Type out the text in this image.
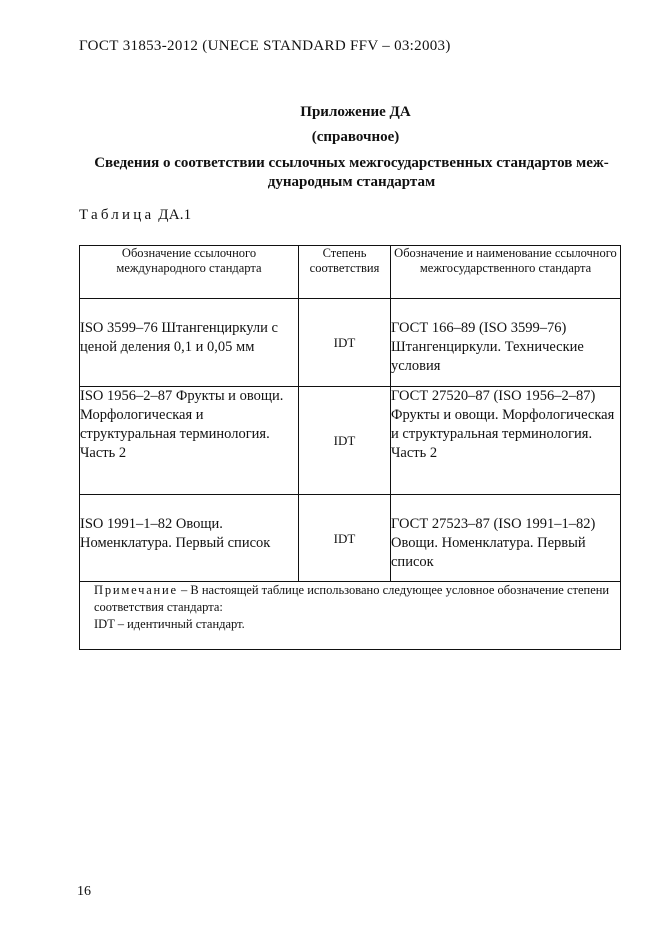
ГОСТ 31853-2012 (UNECE STANDARD FFV – 03:2003)
Приложение ДА
(справочное)
Сведения о соответствии ссылочных межгосударственных стандартов меж-дународным стандартам
Таблица ДА.1
Обозначение ссылочного международного стандарта	Степень соответствия	Обозначение и наименование ссылочного межгосударственного стандарта
ISO 3599–76 Штангенциркули с ценой деления 0,1 и 0,05 мм	IDT	ГОСТ 166–89 (ISO 3599–76) Штангенциркули. Технические условия
ISO 1956–2–87 Фрукты и овощи. Морфологическая и структуральная терминология. Часть 2	IDT	ГОСТ 27520–87 (ISO 1956–2–87) Фрукты и овощи. Морфологическая и структуральная терминология. Часть 2
ISO 1991–1–82 Овощи. Номенклатура. Первый список	IDT	ГОСТ 27523–87 (ISO 1991–1–82) Овощи. Номенклатура. Первый список

Примечание – В настоящей таблице использовано следующее условное обозначение степени соответствия стандарта:
IDT – идентичный стандарт.		
16
